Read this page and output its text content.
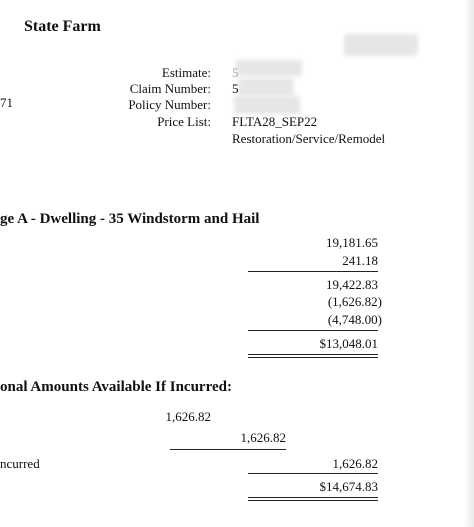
State Farm
71
Estimate: 5
Claim Number: 5
Policy Number:
Price List: FLTA28_SEP22
Restoration/Service/Remodel
ge A - Dwelling - 35 Windstorm and Hail
19,181.65
241.18
19,422.83
(1,626.82)
(4,748.00)
$13,048.01
onal Amounts Available If Incurred:
1,626.82
1,626.82
ncurred	1,626.82
$14,674.83
